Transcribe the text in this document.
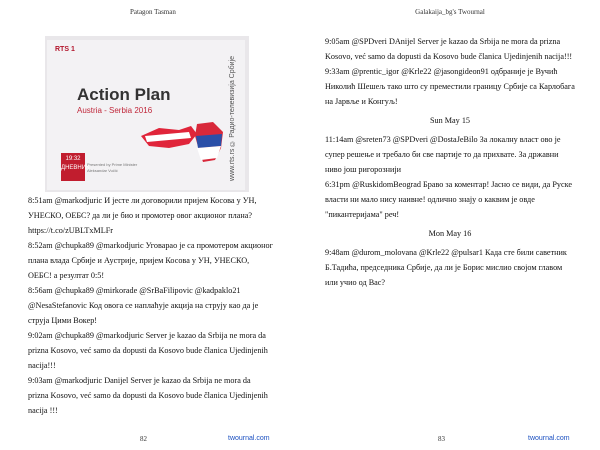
Patagon Tasman
RTS 1
Action Plan
Austria - Serbia 2016	www.rts.rs © Радио-телевизија Србије
19:32
ДНЕВНИК
Presented by Prime Minister
Aleksandar Vučić

8:51am @markodjuric И јесте ли договорили пријем Косова у УН, УНЕСКО, ОЕБС? да ли је био и промотер овог акционог плана? https://t.co/zUBLTxMLFr

8:52am @chupka89 @markodjuric Уговарао је са промотером акционог плана влада Србије и Аустрије, пријем Косова у УН, УНЕСКО, ОЕБС! а резултат 0:5!

8:56am @chupka89 @mirkorade @SrBaFilipovic @kadpaklo21 @NesaStefanovic Код овога се наплаћује акција на струју као да је струја Цими Вокер!

9:02am @chupka89 @markodjuric Server je kazao da Srbija ne mora da prizna Kosovo, već samo da dopusti da Kosovo bude članica Ujedinjenih nacija!!!

9:03am @markodjuric Danijel Server je kazao da Srbija ne mora da prizna Kosovo, već samo da dopusti da Kosovo bude članica Ujedinjenih nacija !!!

82	twournal.com
Galakaija_bg's Twournal

9:05am @SPDveri DAnijel Server je kazao da Srbija ne mora da prizna Kosovo, već samo da dopusti da Kosovo bude članica Ujedinjenih nacija!!!

9:33am @prentic_igor @Krle22 @jasongideon91 одбраније је Вучић Николић Шешељ тако што су преместили границу Србије са Карлобага на Јарвље и Конгуљ!

Sun May 15

11:14am @sreten73 @SPDveri @DostaJeBilo За локалну власт ово је супер решење и требало би све партије то да прихвате. За државни ниво још ригорознији

6:31pm @RuskidomBeograd Браво за коментар! Јасно се види, да Руске власти ни мало нису наивне! одлично знају о каквим је овде "пикантеријама" реч!

Mon May 16

9:48am @durom_molovana @Krle22 @pulsar1 Када сте били саветник Б.Тадића, председника Србије, да ли је Борис мислио својом главом или учио од Вас?

83	twournal.com
